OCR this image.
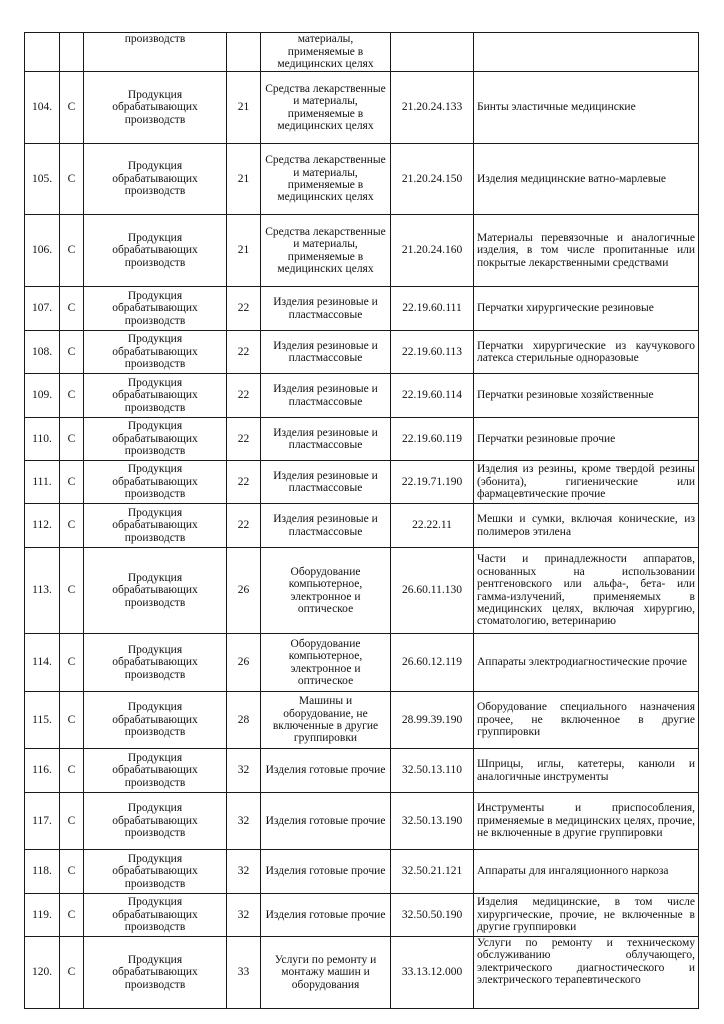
		производств		материалы, применяемые в медицинских целях		
104.	С	Продукция обрабатывающих производств	21	Средства лекарственные и материалы, применяемые в медицинских целях	21.20.24.133	Бинты эластичные медицинские
105.	С	Продукция обрабатывающих производств	21	Средства лекарственные и материалы, применяемые в медицинских целях	21.20.24.150	Изделия медицинские ватно-марлевые
106.	С	Продукция обрабатывающих производств	21	Средства лекарственные и материалы, применяемые в медицинских целях	21.20.24.160	Материалы перевязочные и аналогичные изделия, в том числе пропитанные или покрытые лекарственными средствами
107.	С	Продукция обрабатывающих производств	22	Изделия резиновые и пластмассовые	22.19.60.111	Перчатки хирургические резиновые
108.	С	Продукция обрабатывающих производств	22	Изделия резиновые и пластмассовые	22.19.60.113	Перчатки хирургические из каучукового латекса стерильные одноразовые
109.	С	Продукция обрабатывающих производств	22	Изделия резиновые и пластмассовые	22.19.60.114	Перчатки резиновые хозяйственные
110.	С	Продукция обрабатывающих производств	22	Изделия резиновые и пластмассовые	22.19.60.119	Перчатки резиновые прочие
111.	С	Продукция обрабатывающих производств	22	Изделия резиновые и пластмассовые	22.19.71.190	Изделия из резины, кроме твердой резины (эбонита), гигиенические или фармацевтические прочие
112.	С	Продукция обрабатывающих производств	22	Изделия резиновые и пластмассовые	22.22.11	Мешки и сумки, включая конические, из полимеров этилена
113.	С	Продукция обрабатывающих производств	26	Оборудование компьютерное, электронное и оптическое	26.60.11.130	Части и принадлежности аппаратов, основанных на использовании рентгеновского или альфа-, бета- или гамма-излучений, применяемых в медицинских целях, включая хирургию, стоматологию, ветеринарию
114.	С	Продукция обрабатывающих производств	26	Оборудование компьютерное, электронное и оптическое	26.60.12.119	Аппараты электродиагностические прочие
115.	С	Продукция обрабатывающих производств	28	Машины и оборудование, не включенные в другие группировки	28.99.39.190	Оборудование специального назначения прочее, не включенное в другие группировки
116.	С	Продукция обрабатывающих производств	32	Изделия готовые прочие	32.50.13.110	Шприцы, иглы, катетеры, канюли и аналогичные инструменты
117.	С	Продукция обрабатывающих производств	32	Изделия готовые прочие	32.50.13.190	Инструменты и приспособления, применяемые в медицинских целях, прочие, не включенные в другие группировки
118.	С	Продукция обрабатывающих производств	32	Изделия готовые прочие	32.50.21.121	Аппараты для ингаляционного наркоза
119.	С	Продукция обрабатывающих производств	32	Изделия готовые прочие	32.50.50.190	Изделия медицинские, в том числе хирургические, прочие, не включенные в другие группировки
120.	С	Продукция обрабатывающих производств	33	Услуги по ремонту и монтажу машин и оборудования	33.13.12.000	Услуги по ремонту и техническому обслуживанию облучающего, электрического диагностического и электрического терапевтического
